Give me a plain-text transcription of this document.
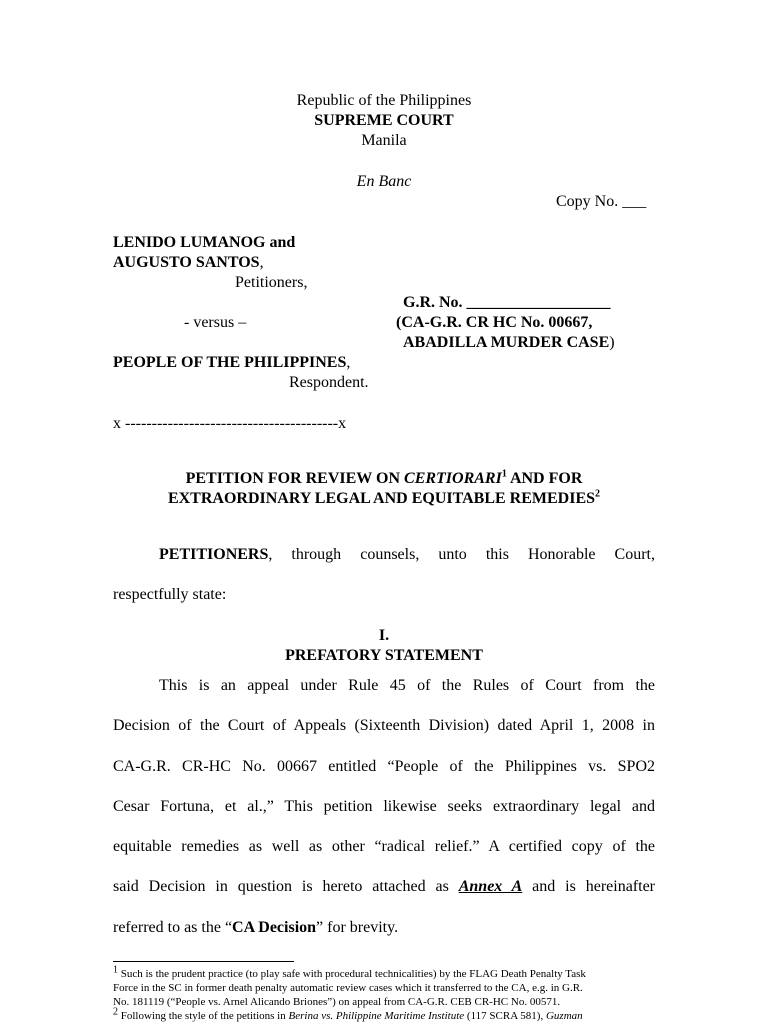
Republic of the Philippines
SUPREME COURT
Manila
En Banc
Copy No. ___
LENIDO LUMANOG and
AUGUSTO SANTOS,
Petitioners,
- versus –
PEOPLE OF THE PHILIPPINES,
Respondent.
G.R. No. __________________
(CA-G.R. CR HC No. 00667,
ABADILLA MURDER CASE)
x ----------------------------------------x
PETITION FOR REVIEW ON CERTIORARI$^1$ AND FOR
EXTRAORDINARY LEGAL AND EQUITABLE REMEDIES$^2$
PETITIONERS, through counsels, unto this Honorable Court,
respectfully state:
I.
PREFATORY STATEMENT
This is an appeal under Rule 45 of the Rules of Court from the
Decision of the Court of Appeals (Sixteenth Division) dated April 1, 2008 in
CA-G.R. CR-HC No. 00667 entitled “People of the Philippines vs. SPO2
Cesar Fortuna, et al.,” This petition likewise seeks extraordinary legal and
equitable remedies as well as other “radical relief.” A certified copy of the
said Decision in question is hereto attached as Annex A and is hereinafter
referred to as the “CA Decision” for brevity.
$^1$ Such is the prudent practice (to play safe with procedural technicalities) by the FLAG Death Penalty Task
Force in the SC in former death penalty automatic review cases which it transferred to the CA, e.g. in G.R.
No. 181119 (“People vs. Arnel Alicando Briones”) on appeal from CA-G.R. CEB CR-HC No. 00571.
$^2$ Following the style of the petitions in Berina vs. Philippine Maritime Institute (117 SCRA 581), Guzman
